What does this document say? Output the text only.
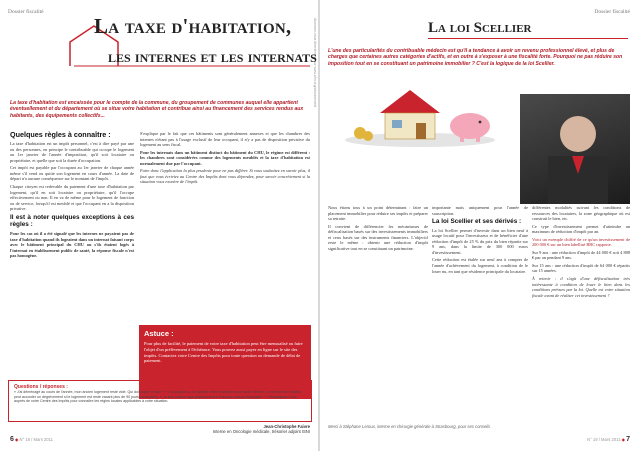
Dossier fiscalité
Abonnez-vous directement sur www.afm.org/abonnement
La taxe d'habitation,
les internes et les internats
La taxe d'habitation est encaissée pour le compte de la commune, du groupement de communes auquel elle appartient éventuellement et du département où se situe votre habitation et contribue ainsi au financement des services rendus aux habitants, des équipements collectifs...
Quelques règles à connaître :

La taxe d'habitation est un impôt personnel, c'est à dire payé par une ou des personnes, en principe le contribuable qui occupe le logement au 1er janvier de l'année d'imposition, qu'il soit locataire ou propriétaire, et quelle que soit la durée d'occupation.

Cet impôt est payable par l'occupant au 1er janvier de chaque année même s'il vend ou quitte son logement en cours d'année. La date de départ n'a aucune conséquence sur le montant de l'impôt.

Chaque citoyen est redevable du paiement d'une taxe d'habitation par logement, qu'il en soit locataire ou propriétaire, qu'il l'occupe effectivement ou non. Il en va de même pour le logement de fonction ou de service, lorsqu'il est meublé et que l'occupant en a la disposition privative.

Il est à noter quelques exceptions à ces règles :

Pour les cas où il a été signalé que les internes ne payaient pas de taxe d'habitation quand ils logeaient dans un internat faisant corps avec le bâtiment principal du CHU ou s'ils étaient logés à l'internat en établissement public de santé, la réponse fiscale n'est pas homogène.

S'explique par le fait que ces bâtiments sont généralement annexes et que les chambres des internes n'étant pas à l'usage exclusif de leur occupant, il n'y a pas de disposition privative du logement au sens fiscal.

Pour les internats dans un bâtiment distinct du bâtiment du CHU, le régime est différent : les chambres sont considérées comme des logements meublés et la taxe d'habitation est normalement due par l'occupant.

Faire donc l'application la plus prudente pour ne pas différer. Si vous souhaitez en savoir plus, il faut que vous écriviez au Centre des Impôts dont vous dépendez, pour savoir concrètement si la situation vous exonère de l'impôt.

Astuce :
Pour plus de facilité, le paiement de votre taxe d'habitation peut être mensualisé ou faire l'objet d'un prélèvement à l'échéance. Vous pouvez aussi payer en ligne sur le site des impôts. Contactez votre Centre des Impôts pour toute question ou demande de délai de paiement.
Questions / réponses :
« J'ai déménagé au cours de l'année, mon ancien logement reste vide. Qui doit payer la taxe ? » L'occupant au 1er janvier reste redevable pour toute l'année. Le service des impôts peut accorder un dégrèvement si le logement est resté vacant plus de 90 jours consécutifs. « Je suis interne logé gratuitement à l'internat, suis-je imposable ? » Renseignez-vous auprès de votre Centre des Impôts pour connaître les règles locales applicables à votre situation.
Jean-Christophe Faivre
Interne en Oncologie médicale, trésorier adjoint ISNI
6 ◆ N° 19 / Mars 2011
Dossier fiscalité
La loi Scellier
L'une des particularités du contribuable médecin est qu'il a tendance à avoir un revenu professionnel élevé, et plus de charges que certaines autres catégories d'actifs, et en outre à s'exposer à une fiscalité forte. Pourquoi ne pas réduire son imposition tout en se constituant un patrimoine immobilier ? C'est la logique de la loi Scellier.

Nous étions tous à un point déterminant : faire un placement immobilier pour réduire ses impôts et préparer sa retraite.

Il convient de différencier les mécanismes de défiscalisation basés sur des investissements immobiliers et ceux basés sur des instruments financiers. L'objectif reste le même : obtenir une réduction d'impôt significative tout en se constituant un patrimoine.

importante mais uniquement pour l'année de souscription.

La loi Scellier et ses dérivés :

La loi Scellier permet d'investir dans un bien neuf à usage locatif pour l'investisseur et de bénéficier d'une réduction d'impôt de 25 % du prix du bien répartie sur 9 ans, dans la limite de 300 000 euros d'investissement.

Cette réduction est étalée sur neuf ans à compter de l'année d'achèvement du logement, à condition de le louer nu, en tant que résidence principale du locataire.

différentes modalités suivant les conditions de ressources des locataires, la zone géographique où est construit le bien, etc.

Ce type d'investissement permet d'atteindre un maximum de réduction d'impôt par an.

Voici un exemple chiffré de ce qu'un investissement de 200 000 € sur un bien labellisé BBC rapporte.

Sur 9 ans : une réduction d'impôt de 44 000 € soit 4 888 € par an pendant 9 ans.

Sur 15 ans : une réduction d'impôt de 64 000 € répartis sur 15 années.

À retenir : il s'agit d'une défiscalisation très intéressante à condition de louer le bien dans les conditions prévues par la loi. Quelle est votre situation fiscale avant de réaliser cet investissement ?

Merci à Stéphane Leroux, interne en chirurgie générale à Strasbourg, pour ses conseils
N° 19 / Mars 2011 ◆ 7
